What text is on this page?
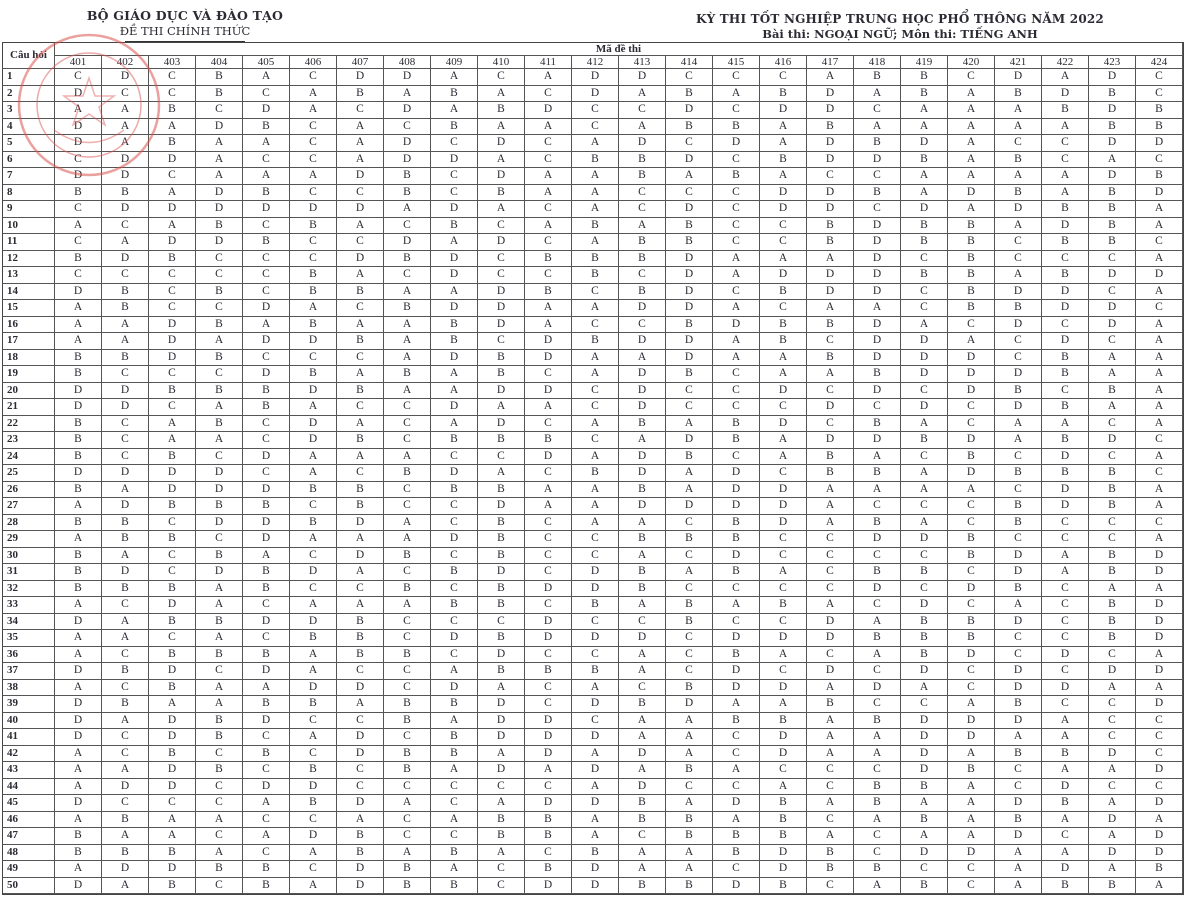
BỘ GIÁO DỤC VÀ ĐÀO TẠO
ĐỀ THI CHÍNH THỨC
KỲ THI TỐT NGHIỆP TRUNG HỌC PHỔ THÔNG NĂM 2022
Bài thi: NGOẠI NGỮ; Môn thi: TIẾNG ANH
Câu hỏi
Mã đề thi
401	402	403	404	405	406	407	408	409	410	411	412	413	414	415	416	417	418	419	420	421	422	423	424
1	C	D	C	B	A	C	D	D	A	C	A	D	D	C	C	C	A	B	B	C	D	A	D	C
2	D	C	C	B	C	A	B	A	B	A	C	D	A	B	A	B	D	A	B	A	B	D	B	C
3	A	A	B	C	D	A	C	D	A	B	D	C	C	D	C	D	D	C	A	A	A	B	D	B
4	D	A	A	D	B	C	A	C	B	A	A	C	A	B	B	A	B	A	A	A	A	A	B	B
5	D	A	B	A	A	C	A	D	C	D	C	A	D	C	D	A	D	B	D	A	C	C	D	D
6	C	D	D	A	C	C	A	D	D	A	C	B	B	D	C	B	D	D	B	A	B	C	A	C
7	D	D	C	A	A	A	D	B	C	D	A	A	B	A	B	A	C	C	A	A	A	A	D	B
8	B	B	A	D	B	C	C	B	C	B	A	A	C	C	C	D	D	B	A	D	B	A	B	D
9	C	D	D	D	D	D	D	A	D	A	C	A	C	D	C	D	D	C	D	A	D	B	B	A
10	A	C	A	B	C	B	A	C	B	C	A	B	A	B	C	C	B	D	B	B	A	D	B	A
11	C	A	D	D	B	C	C	D	A	D	C	A	B	B	C	C	B	D	B	B	C	B	B	C
12	B	D	B	C	C	C	D	B	D	C	B	B	B	D	A	A	A	D	C	B	C	C	C	A
13	C	C	C	C	C	B	A	C	D	C	C	B	C	D	A	D	D	D	B	B	A	B	D	D
14	D	B	C	B	C	B	B	A	A	D	B	C	B	D	C	B	D	D	C	B	D	D	C	A
15	A	B	C	C	D	A	C	B	D	D	A	A	D	D	A	C	A	A	C	B	B	D	D	C
16	A	A	D	B	A	B	A	A	B	D	A	C	C	B	D	B	B	D	A	C	D	C	D	A
17	A	A	D	A	D	D	B	A	B	C	D	B	D	D	A	B	C	D	D	A	C	D	C	A
18	B	B	D	B	C	C	C	A	D	B	D	A	A	D	A	A	B	D	D	D	C	B	A	A
19	B	C	C	C	D	B	A	B	A	B	C	A	D	B	C	A	A	B	D	D	D	B	A	A
20	D	D	B	B	B	D	B	A	A	D	D	C	D	C	C	D	C	D	C	D	B	C	B	A
21	D	D	C	A	B	A	C	C	D	A	A	C	D	C	C	C	D	C	D	C	D	B	A	A
22	B	C	A	B	C	D	A	C	A	D	C	A	B	A	B	D	C	B	A	C	A	A	C	A
23	B	C	A	A	C	D	B	C	B	B	B	C	A	D	B	A	D	D	B	D	A	B	D	C
24	B	C	B	C	D	A	A	A	C	C	D	A	D	B	C	A	B	A	C	B	C	D	C	A
25	D	D	D	D	C	A	C	B	D	A	C	B	D	A	D	C	B	B	A	D	B	B	B	C
26	B	A	D	D	D	B	B	C	B	B	A	A	B	A	D	D	A	A	A	A	C	D	B	A
27	A	D	B	B	B	C	B	C	C	D	A	A	D	D	D	D	A	C	C	C	B	D	B	A
28	B	B	C	D	D	B	D	A	C	B	C	A	A	C	B	D	A	B	A	C	B	C	C	C
29	A	B	B	C	D	A	A	A	D	B	C	C	B	B	B	C	C	D	D	B	C	C	C	A
30	B	A	C	B	A	C	D	B	C	B	C	C	A	C	D	C	C	C	C	B	D	A	B	D
31	B	D	C	D	B	D	A	C	B	D	C	D	B	A	B	A	C	B	B	C	D	A	B	D
32	B	B	B	A	B	C	C	B	C	B	D	D	B	C	C	C	C	D	C	D	B	C	A	A
33	A	C	D	A	C	A	A	A	B	B	C	B	A	B	A	B	A	C	D	C	A	C	B	D
34	D	A	B	B	D	D	B	C	C	C	D	C	C	B	C	C	D	A	B	B	D	C	B	D
35	A	A	C	A	C	B	B	C	D	B	D	D	D	C	D	D	D	B	B	B	C	C	B	D
36	A	C	B	B	B	A	B	B	C	D	C	C	A	C	B	A	C	A	B	D	C	D	C	A
37	D	B	D	C	D	A	C	C	A	B	B	B	A	C	D	C	D	C	D	C	D	C	D	D
38	A	C	B	A	A	D	D	C	D	A	C	A	C	B	D	D	A	D	A	C	D	D	A	A
39	D	B	A	A	B	B	A	B	B	D	C	D	B	D	A	A	B	C	C	A	B	C	C	D
40	D	A	D	B	D	C	C	B	A	D	D	C	A	A	B	B	A	B	D	D	D	A	C	C
41	D	C	D	B	C	A	D	C	B	D	D	D	A	A	C	D	A	A	D	D	A	A	C	C
42	A	C	B	C	B	C	D	B	B	A	D	A	D	A	C	D	A	A	D	A	B	B	D	C
43	A	A	D	B	C	B	C	B	A	D	A	D	A	B	A	C	C	C	D	B	C	A	A	D
44	A	D	D	C	D	D	C	C	C	C	C	A	D	C	C	A	C	B	B	A	C	D	C	C
45	D	C	C	C	A	B	D	A	C	A	D	D	B	A	D	B	A	B	A	A	D	B	A	D
46	A	B	A	A	C	C	A	C	A	B	B	A	B	B	A	B	C	A	B	A	B	A	D	A
47	B	A	A	C	A	D	B	C	C	B	B	A	C	B	B	B	A	C	A	A	D	C	A	D
48	B	B	B	A	C	A	B	A	B	A	C	B	A	A	B	D	B	C	D	D	A	A	D	D
49	A	D	D	B	B	C	D	B	A	C	B	D	A	A	C	D	B	B	C	C	A	D	A	B
50	D	A	B	C	B	A	D	B	B	C	D	D	B	B	D	B	C	A	B	C	A	B	B	A
